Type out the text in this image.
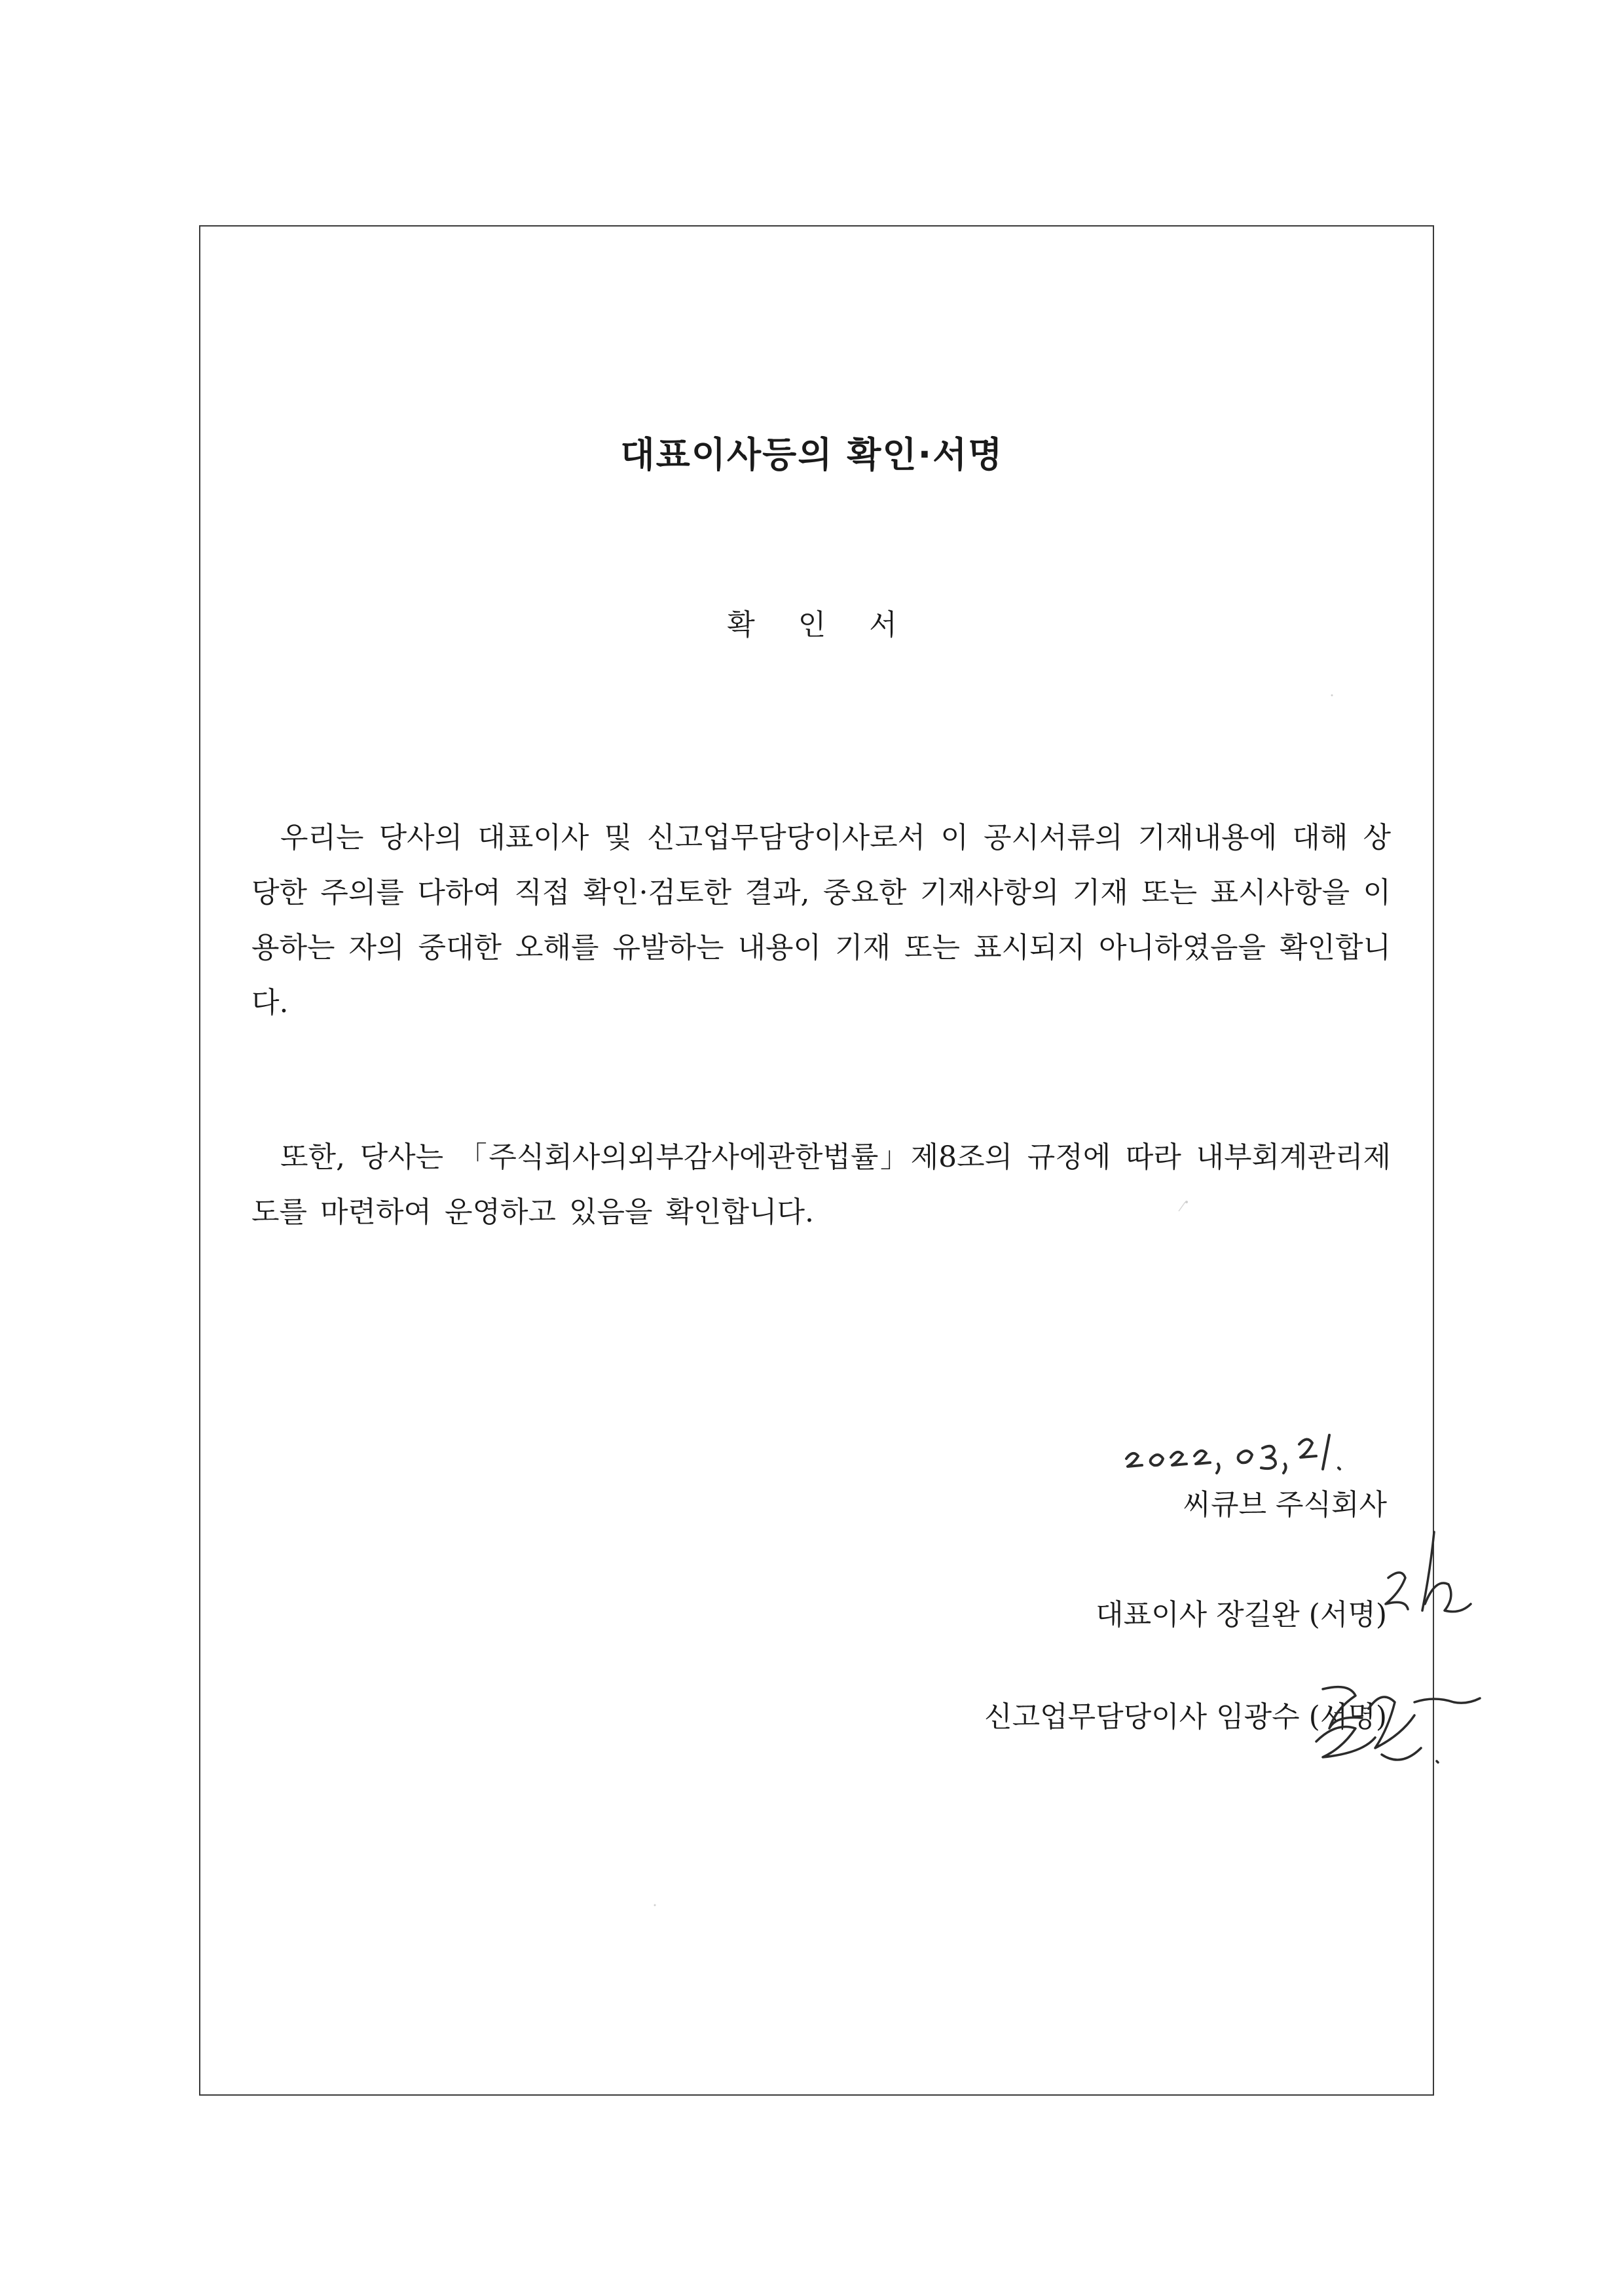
대표이사등의 확인·서명
확 인 서
우리는 당사의 대표이사 및 신고업무담당이사로서 이 공시서류의 기재내용에 대해 상당한 주의를 다하여 직접 확인·검토한 결과, 중요한 기재사항의 기재 또는 표시사항을 이용하는 자의 중대한 오해를 유발하는 내용이 기재 또는 표시되지 아니하였음을 확인합니다.
또한, 당사는 「주식회사의외부감사에관한법률」제8조의 규정에 따라 내부회계관리제도를 마련하여 운영하고 있음을 확인합니다.
씨큐브 주식회사
대표이사 장길완 (서명)
신고업무담당이사 임광수 (서명)
